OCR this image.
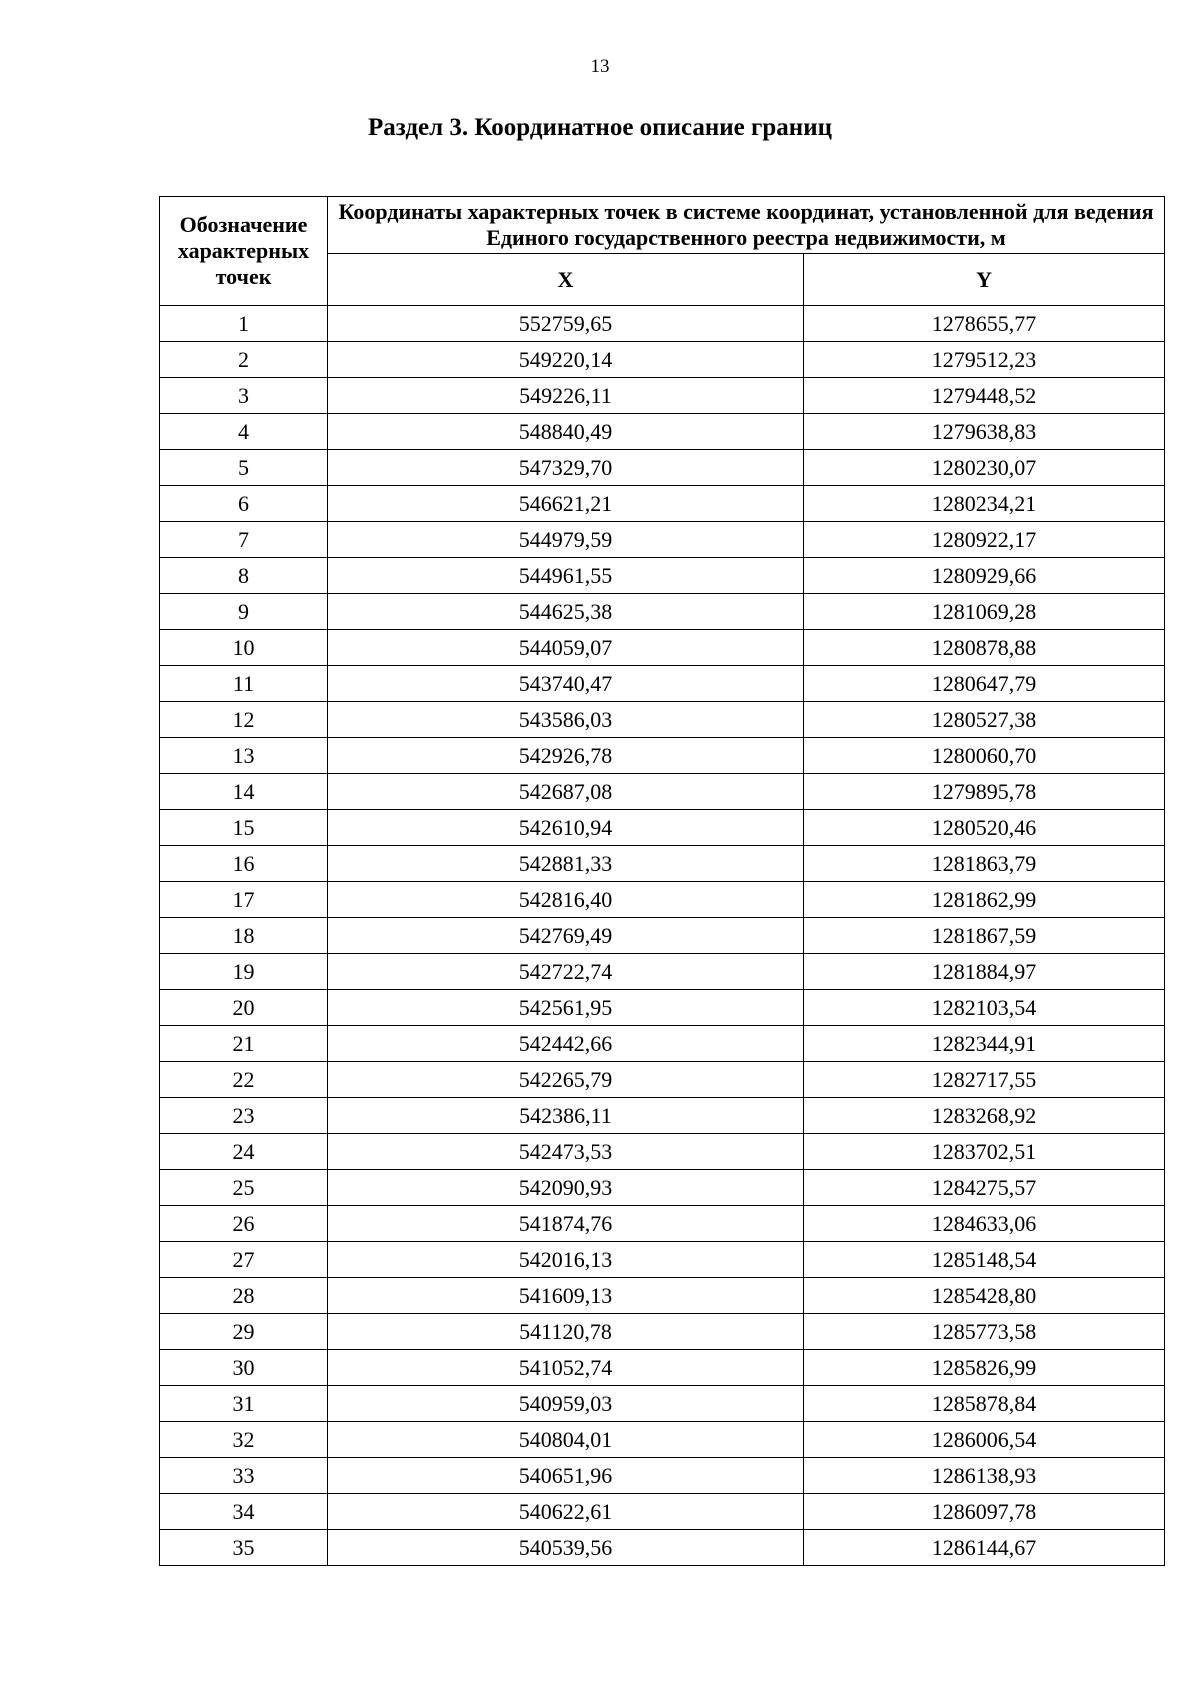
13
Раздел 3. Координатное описание границ
Обозначение характерных точек	Координаты характерных точек в системе координат, установленной для ведения Единого государственного реестра недвижимости, м	
	X	Y
1	552759,65	1278655,77
2	549220,14	1279512,23
3	549226,11	1279448,52
4	548840,49	1279638,83
5	547329,70	1280230,07
6	546621,21	1280234,21
7	544979,59	1280922,17
8	544961,55	1280929,66
9	544625,38	1281069,28
10	544059,07	1280878,88
11	543740,47	1280647,79
12	543586,03	1280527,38
13	542926,78	1280060,70
14	542687,08	1279895,78
15	542610,94	1280520,46
16	542881,33	1281863,79
17	542816,40	1281862,99
18	542769,49	1281867,59
19	542722,74	1281884,97
20	542561,95	1282103,54
21	542442,66	1282344,91
22	542265,79	1282717,55
23	542386,11	1283268,92
24	542473,53	1283702,51
25	542090,93	1284275,57
26	541874,76	1284633,06
27	542016,13	1285148,54
28	541609,13	1285428,80
29	541120,78	1285773,58
30	541052,74	1285826,99
31	540959,03	1285878,84
32	540804,01	1286006,54
33	540651,96	1286138,93
34	540622,61	1286097,78
35	540539,56	1286144,67
